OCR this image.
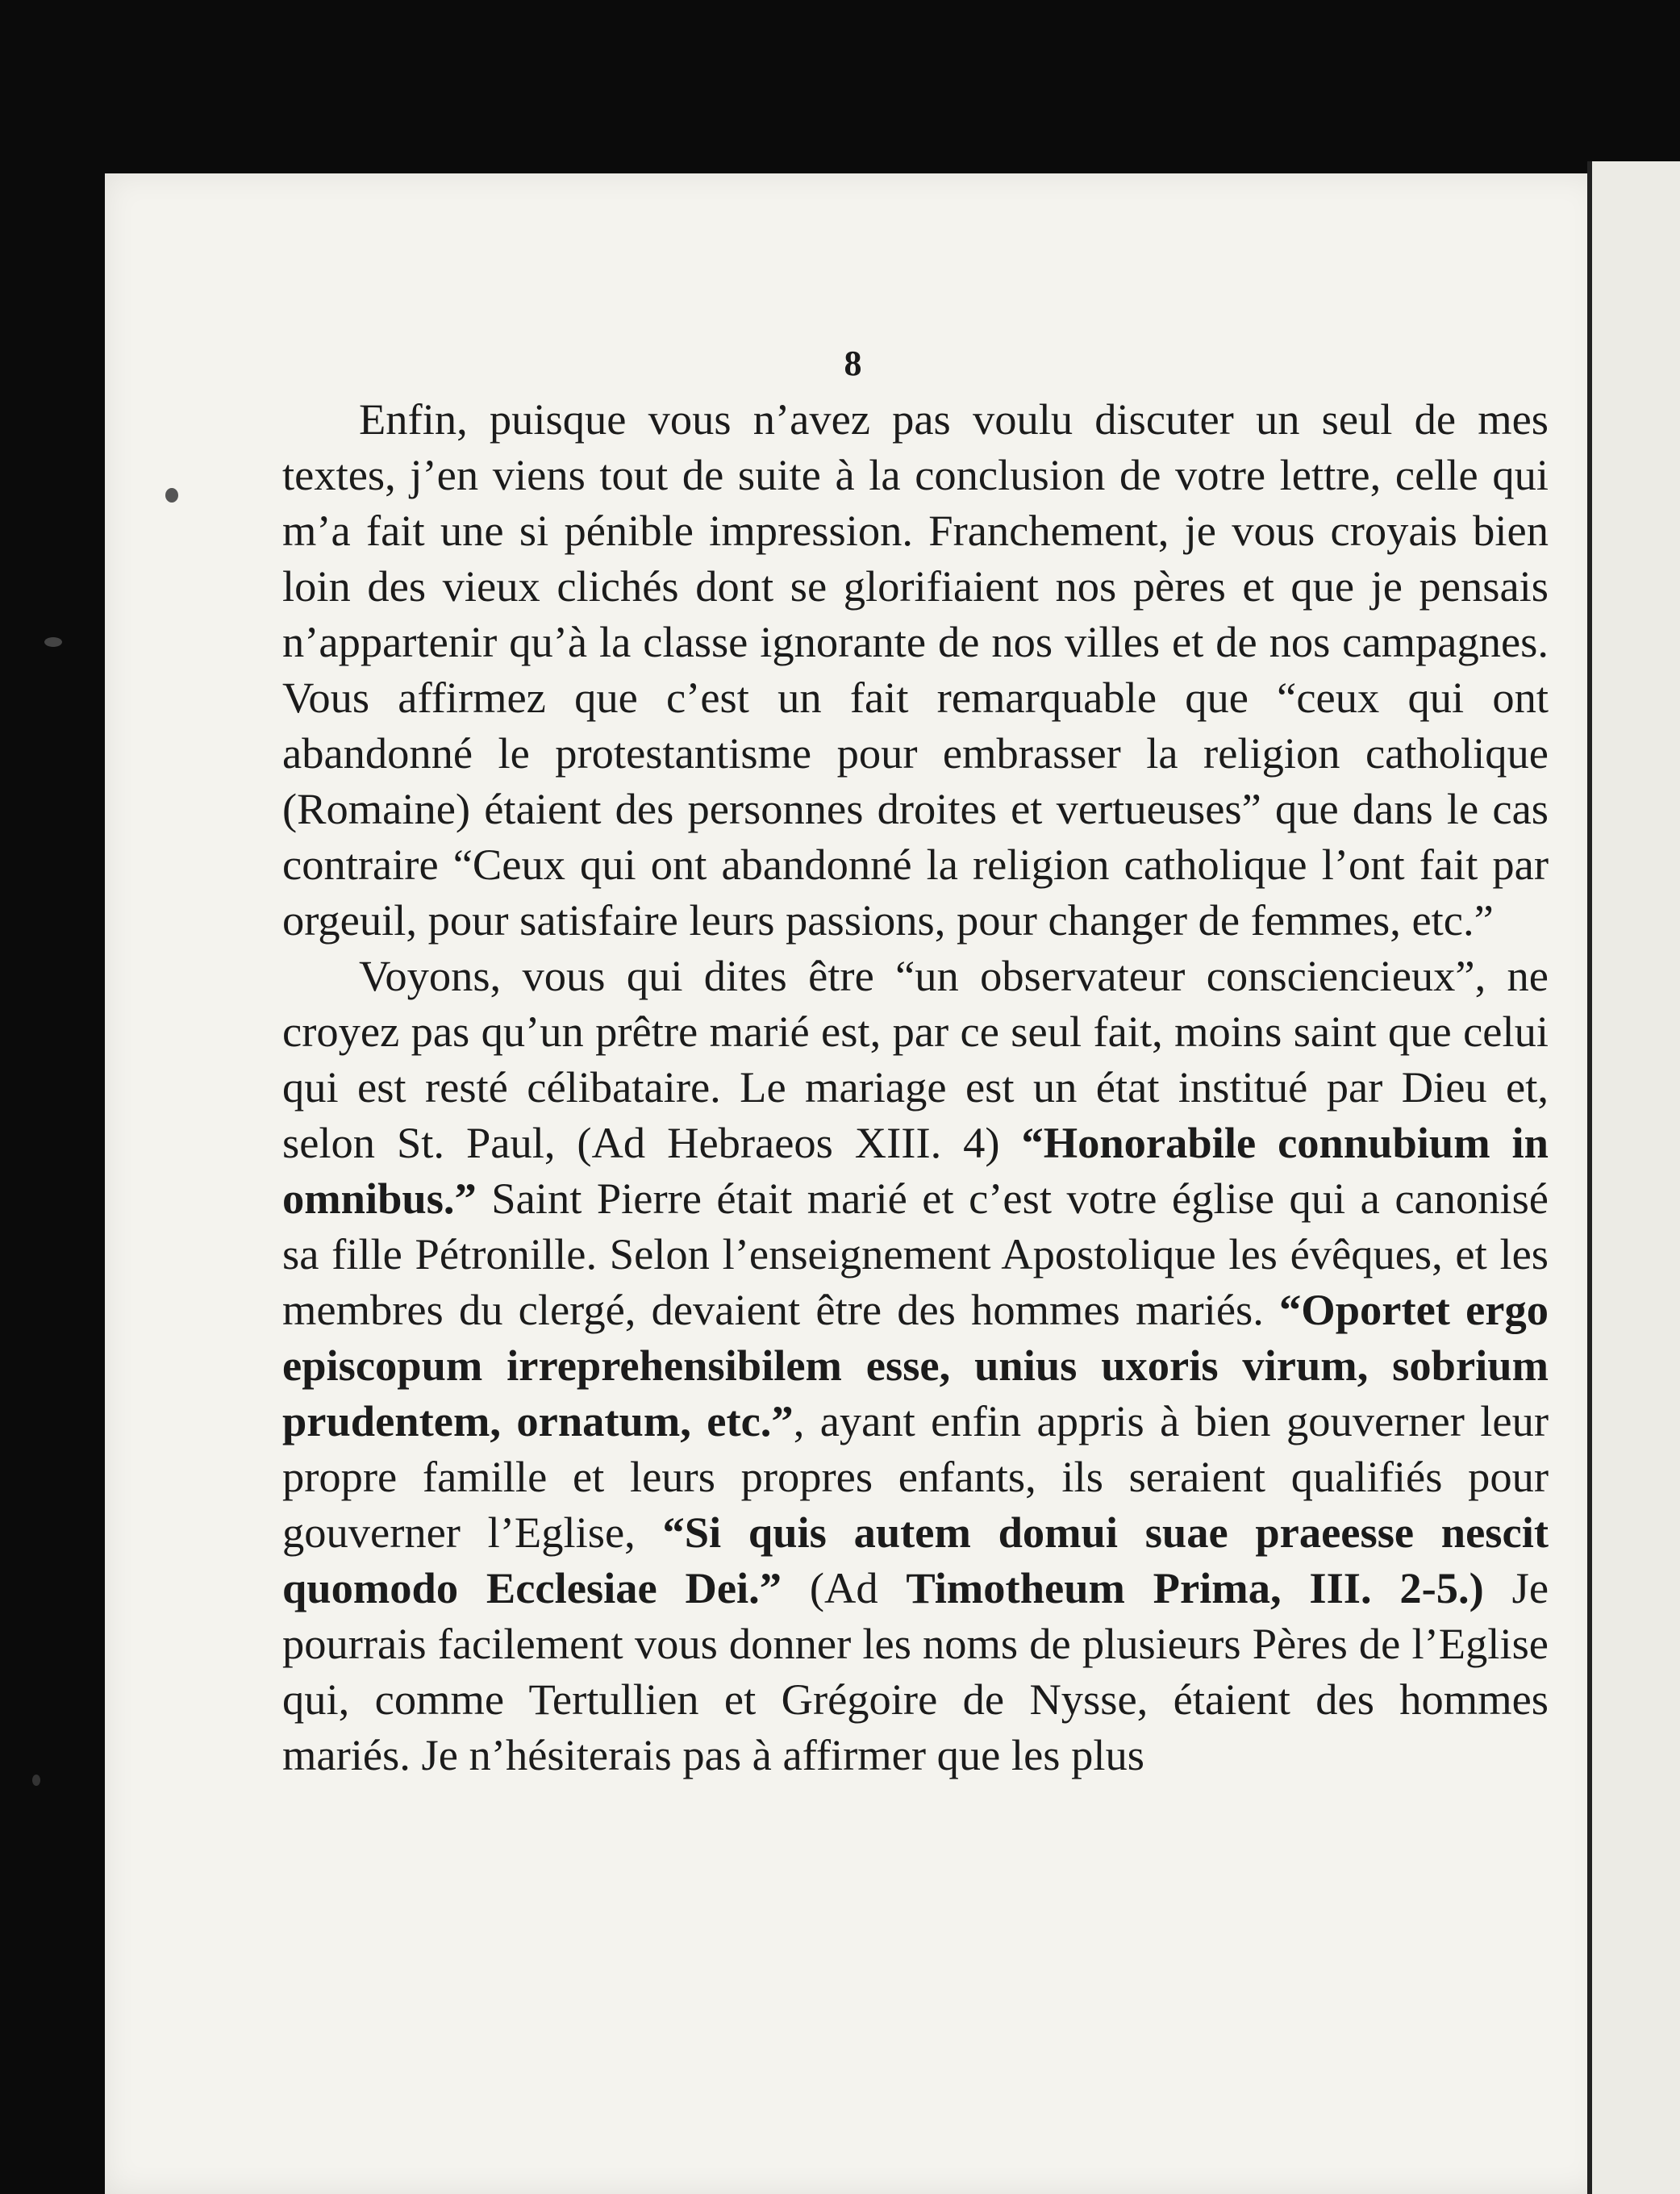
8

Enfin, puisque vous n’avez pas voulu discuter un seul de mes textes, j’en viens tout de suite à la conclusion de votre lettre, celle qui m’a fait une si pénible impression. Franchement, je vous croyais bien loin des vieux clichés dont se glorifiaient nos pères et que je pensais n’appartenir qu’à la classe ignorante de nos villes et de nos campagnes. Vous affirmez que c’est un fait remarquable que “ceux qui ont abandonné le protestantisme pour embrasser la religion catholique (Romaine) étaient des personnes droites et vertueuses” que dans le cas contraire “Ceux qui ont abandonné la religion catholique l’ont fait par orgeuil, pour satisfaire leurs passions, pour changer de femmes, etc.”

Voyons, vous qui dites être “un observateur consciencieux”, ne croyez pas qu’un prêtre marié est, par ce seul fait, moins saint que celui qui est resté célibataire. Le mariage est un état institué par Dieu et, selon St. Paul, (Ad Hebraeos XIII. 4) “Honorabile connubium in omnibus.” Saint Pierre était marié et c’est votre église qui a canonisé sa fille Pétronille. Selon l’enseignement Apostolique les évêques, et les membres du clergé, devaient être des hommes mariés. “Oportet ergo episcopum irreprehensibilem esse, unius uxoris virum, sobrium prudentem, ornatum, etc.”, ayant enfin appris à bien gouverner leur propre famille et leurs propres enfants, ils seraient qualifiés pour gouverner l’Eglise, “Si quis autem domui suae praeesse nescit quomodo Ecclesiae Dei.” (Ad Timotheum Prima, III. 2-5.) Je pourrais facilement vous donner les noms de plusieurs Pères de l’Eglise qui, comme Tertullien et Grégoire de Nysse, étaient des hommes mariés. Je n’hésiterais pas à affirmer que les plus
